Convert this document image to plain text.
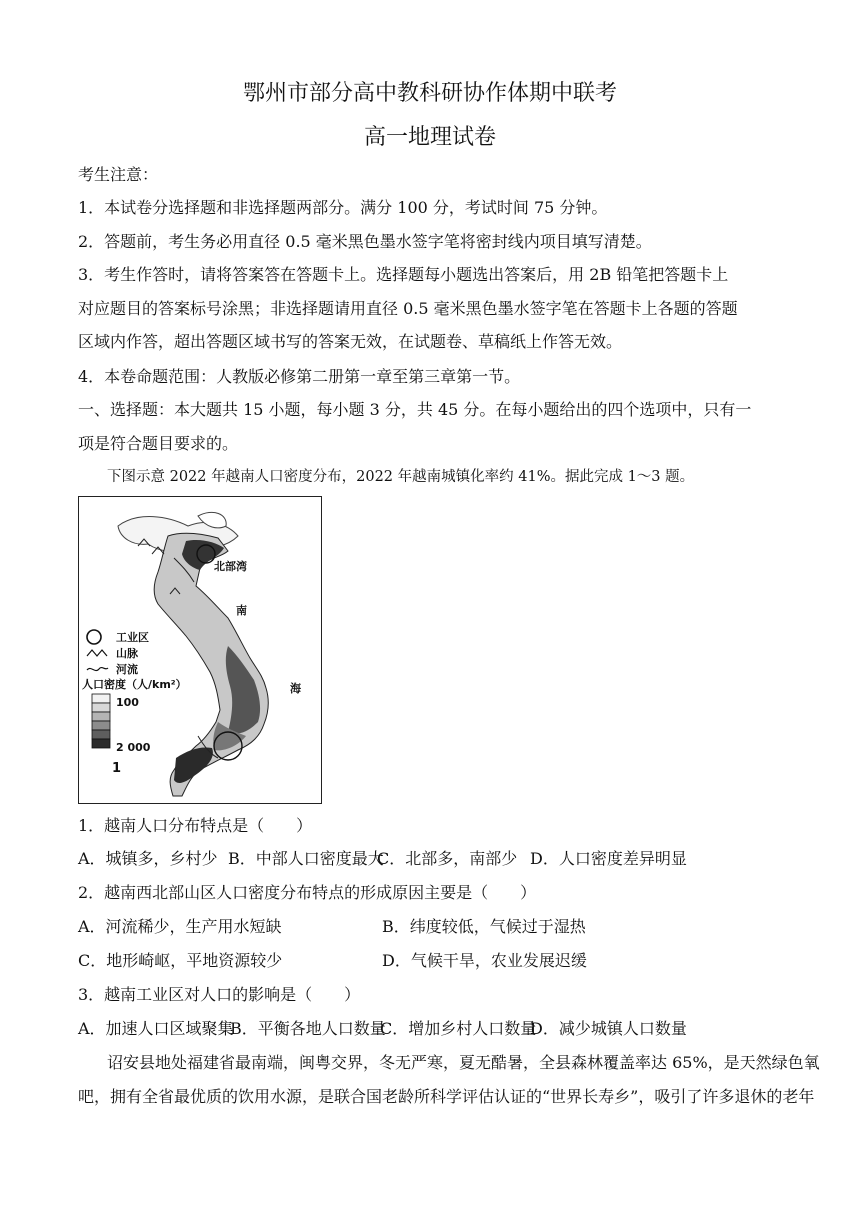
鄂州市部分高中教科研协作体期中联考
高一地理试卷
考生注意：
1．本试卷分选择题和非选择题两部分。满分 100 分，考试时间 75 分钟。
2．答题前，考生务必用直径 0.5 毫米黑色墨水签字笔将密封线内项目填写清楚。
3．考生作答时，请将答案答在答题卡上。选择题每小题选出答案后，用 2B 铅笔把答题卡上
对应题目的答案标号涂黑；非选择题请用直径 0.5 毫米黑色墨水签字笔在答题卡上各题的答题
区域内作答，超出答题区域书写的答案无效，在试题卷、草稿纸上作答无效。
4．本卷命题范围：人教版必修第二册第一章至第三章第一节。
一、选择题：本大题共 15 小题，每小题 3 分，共 45 分。在每小题给出的四个选项中，只有一
项是符合题目要求的。
下图示意 2022 年越南人口密度分布，2022 年越南城镇化率约 41%。据此完成 1～3 题。
北部湾
南
海
工业区
山脉
河流
人口密度（人/km²）
100
2 000
1
1．越南人口分布特点是（　　）
A．城镇多，乡村少 B．中部人口密度最大
C．北部多，南部少 D．人口密度差异明显
2．越南西北部山区人口密度分布特点的形成原因主要是（　　）
A．河流稀少，生产用水短缺	B．纬度较低，气候过于湿热
C．地形崎岖，平地资源较少	D．气候干旱，农业发展迟缓
3．越南工业区对人口的影响是（　　）
A．加速人口区域聚集
B．平衡各地人口数量
C．增加乡村人口数量
D．减少城镇人口数量
诏安县地处福建省最南端，闽粤交界，冬无严寒，夏无酷暑，全县森林覆盖率达 65%，是天然绿色氧
吧，拥有全省最优质的饮用水源，是联合国老龄所科学评估认证的“世界长寿乡”，吸引了许多退休的老年
